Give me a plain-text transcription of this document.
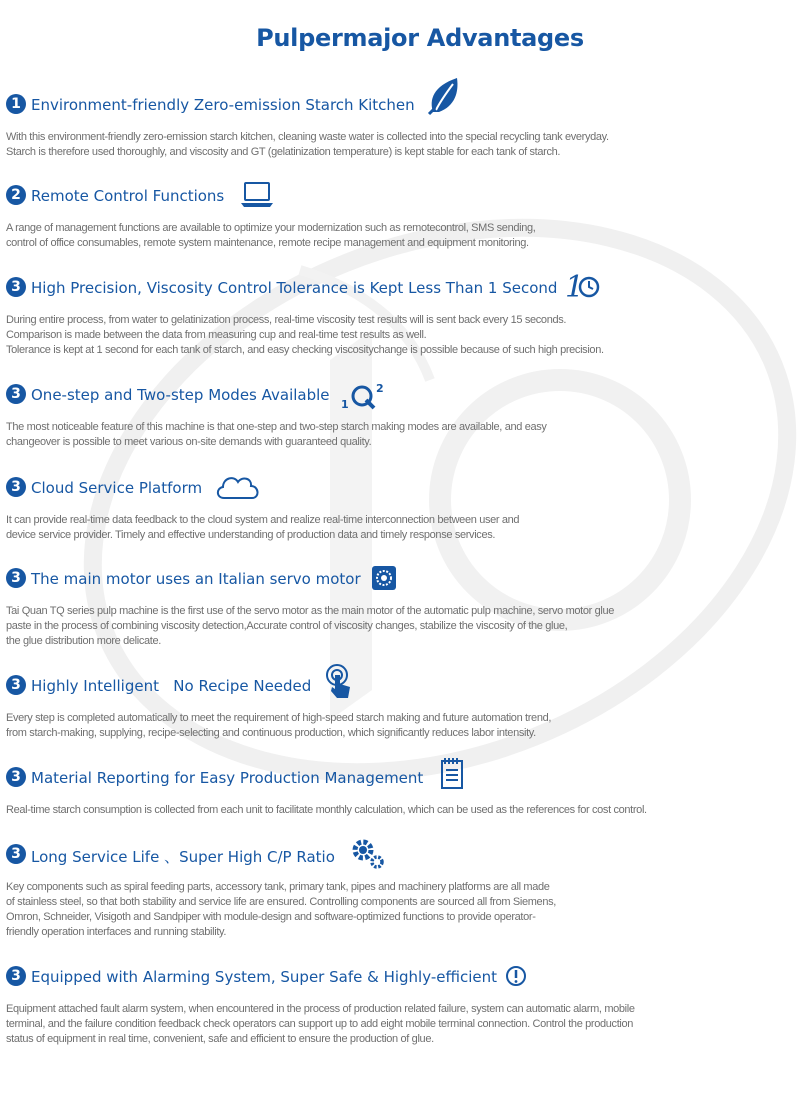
Pulpermajor Advantages
1 Environment-friendly Zero-emission Starch Kitchen
With this environment-friendly zero-emission starch kitchen, cleaning waste water is collected into the special recycling tank everyday.
Starch is therefore used thoroughly, and viscosity and GT (gelatinization temperature) is kept stable for each tank of starch.
2 Remote Control Functions
A range of management functions are available to optimize your modernization such as remotecontrol, SMS sending,
control of office consumables, remote system maintenance, remote recipe management and equipment monitoring.
3 High Precision, Viscosity Control Tolerance is Kept Less Than 1 Second 1
During entire process, from water to gelatinization process, real-time viscosity test results will is sent back every 15 seconds.
Comparison is made between the data from measuring cup and real-time test results as well.
Tolerance is kept at 1 second for each tank of starch, and easy checking viscositychange is possible because of such high precision.
3 One-step and Two-step Modes Available
1
2
The most noticeable feature of this machine is that one-step and two-step starch making modes are available, and easy
changeover is possible to meet various on-site demands with guaranteed quality.
3 Cloud Service Platform
It can provide real-time data feedback to the cloud system and realize real-time interconnection between user and
device service provider. Timely and effective understanding of production data and timely response services.
3 The main motor uses an Italian servo motor
Tai Quan TQ series pulp machine is the first use of the servo motor as the main motor of the automatic pulp machine, servo motor glue
paste in the process of combining viscosity detection,Accurate control of viscosity changes, stabilize the viscosity of the glue,
the glue distribution more delicate.
3 Highly Intelligent   No Recipe Needed
Every step is completed automatically to meet the requirement of high-speed starch making and future automation trend,
from starch-making, supplying, recipe-selecting and continuous production, which significantly reduces labor intensity.
3 Material Reporting for Easy Production Management
Real-time starch consumption is collected from each unit to facilitate monthly calculation, which can be used as the references for cost control.
3 Long Service Life 、Super High C/P Ratio
Key components such as spiral feeding parts, accessory tank, primary tank, pipes and machinery platforms are all made
of stainless steel, so that both stability and service life are ensured. Controlling components are sourced all from Siemens,
Omron, Schneider, Visigoth and Sandpiper with module-design and software-optimized functions to provide operator-
friendly operation interfaces and running stability.
3 Equipped with Alarming System, Super Safe & Highly-efficient
Equipment attached fault alarm system, when encountered in the process of production related failure, system can automatic alarm, mobile
terminal, and the failure condition feedback check operators can support up to add eight mobile terminal connection. Control the production
status of equipment in real time, convenient, safe and efficient to ensure the production of glue.
